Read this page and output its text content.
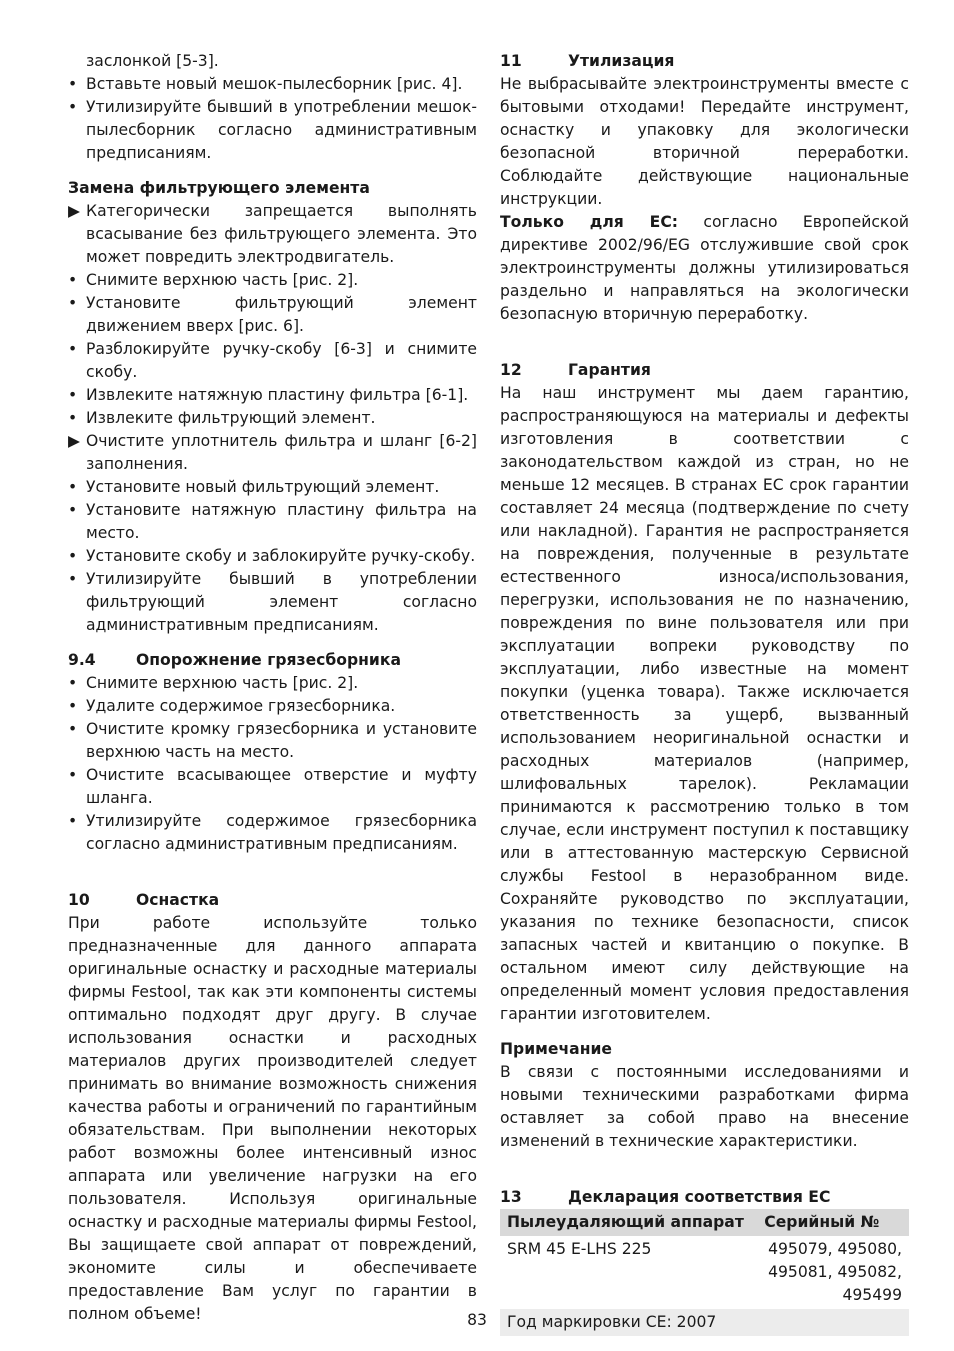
заслонкой [5-3].
• Вставьте новый мешок-пылесборник [рис. 4].
• Утилизируйте бывший в употреблении мешок-пылесборник согласно административным предписаниям.

Замена фильтрующего элемента

▶ Категорически запрещается выполнять всасывание без фильтрующего элемента. Это может повредить электродвигатель.
• Снимите верхнюю часть [рис. 2].
• Установите фильтрующий элемент движением вверх [рис. 6].
• Разблокируйте ручку-скобу [6-3] и снимите скобу.
• Извлеките натяжную пластину фильтра [6-1].
• Извлеките фильтрующий элемент.
▶ Очистите уплотнитель фильтра и шланг [6-2] заполнения.
• Установите новый фильтрующий элемент.
• Установите натяжную пластину фильтра на место.
• Установите скобу и заблокируйте ручку-скобу.
• Утилизируйте бывший в употреблении фильтрующий элемент согласно административным предписаниям.

9.4	Опорожнение грязесборника

• Снимите верхнюю часть [рис. 2].
• Удалите содержимое грязесборника.
• Очистите кромку грязесборника и установите верхнюю часть на место.
• Очистите всасывающее отверстие и муфту шланга.
• Утилизируйте содержимое грязесборника согласно административным предписаниям.

10	Оснастка

При работе используйте только предназначенные для данного аппарата оригинальные оснастку и расходные материалы фирмы Festool, так как эти компоненты системы оптимально подходят друг другу. В случае использования оснастки и расходных материалов других производителей следует принимать во внимание возможность снижения качества работы и ограничений по гарантийным обязательствам. При выполнении некоторых работ возможны более интенсивный износ аппарата или увеличение нагрузки на его пользователя. Используя оригинальные оснастку и расходные материалы фирмы Festool, Вы защищаете свой аппарат от повреждений, экономите силы и обеспечиваете предоставление Вам услуг по гарантии в полном объеме!

11	Утилизация

Не выбрасывайте электроинструменты вместе с бытовыми отходами! Передайте инструмент, оснастку и упаковку для экологически безопасной вторичной переработки. Соблюдайте действующие национальные инструкции.

Только для ЕС: согласно Европейской директиве 2002/96/EG отслужившие свой срок электроинструменты должны утилизироваться раздельно и направляться на экологически безопасную вторичную переработку.

12	Гарантия

На наш инструмент мы даем гарантию, распространяющуюся на материалы и дефекты изготовления в соответствии с законодательством каждой из стран, но не меньше 12 месяцев. В странах ЕС срок гарантии составляет 24 месяца (подтверждение по счету или накладной). Гарантия не распространяется на повреждения, полученные в результате естественного износа/использования, перегрузки, использования не по назначению, повреждения по вине пользователя или при эксплуатации вопреки руководству по эксплуатации, либо известные на момент покупки (уценка товара). Также исключается ответственность за ущерб, вызванный использованием неоригинальной оснастки и расходных материалов (например, шлифовальных тарелок). Рекламации принимаются к рассмотрению только в том случае, если инструмент поступил к поставщику или в аттестованную мастерскую Сервисной службы Festool в неразобранном виде. Сохраняйте руководство по эксплуатации, указания по технике безопасности, список запасных частей и квитанцию о покупке. В остальном имеют силу действующие на определенный момент условия предоставления гарантии изготовителем.

Примечание

В связи с постоянными исследованиями и новыми техническими разработками фирма оставляет за собой право на внесение изменений в технические характеристики.

13	Декларация соответствия ЕС

Пылеудаляющий аппарат	Серийный №
SRM 45 E-LHS 225	495079, 495080,
495081, 495082,
495499

Год маркировки CE: 2007	
83
